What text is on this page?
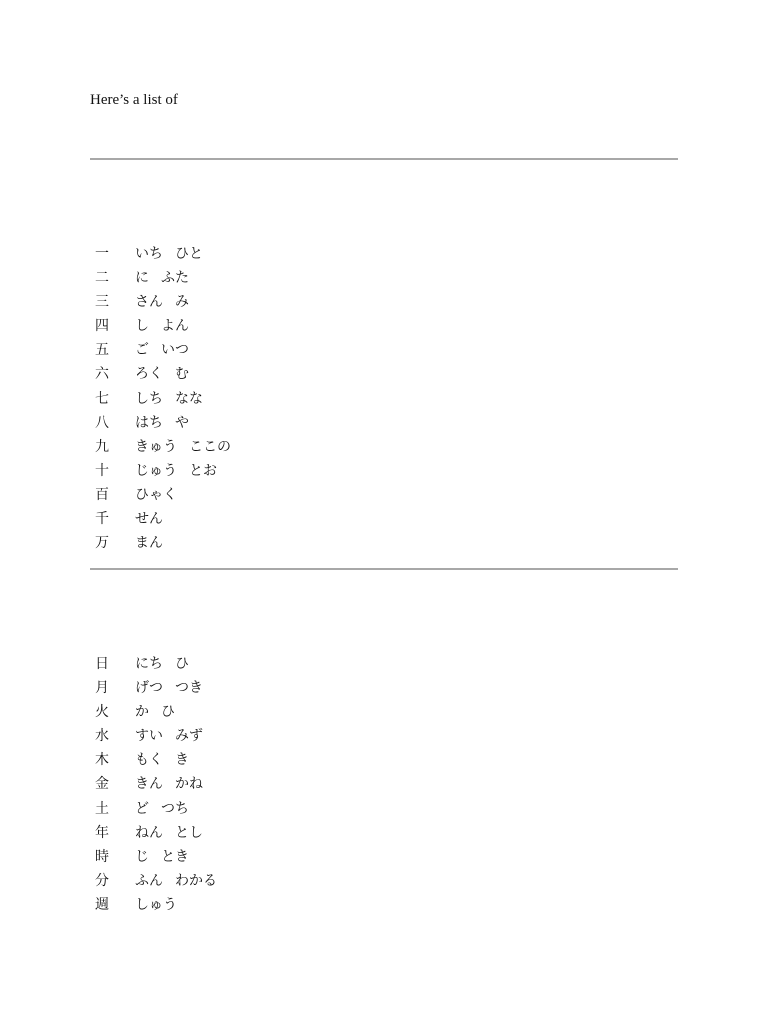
Here’s a list of

一	いち ひと
二	に ふた
三	さん み
四	し よん
五	ご いつ
六	ろく む
七	しち なな
八	はち や
九	きゅう ここの
十	じゅう とお
百	ひゃく
千	せん
万	まん
日	にち ひ
月	げつ つき
火	か ひ
水	すい みず
木	もく き
金	きん かね
土	ど つち
年	ねん とし
時	じ とき
分	ふん わかる
週	しゅう
